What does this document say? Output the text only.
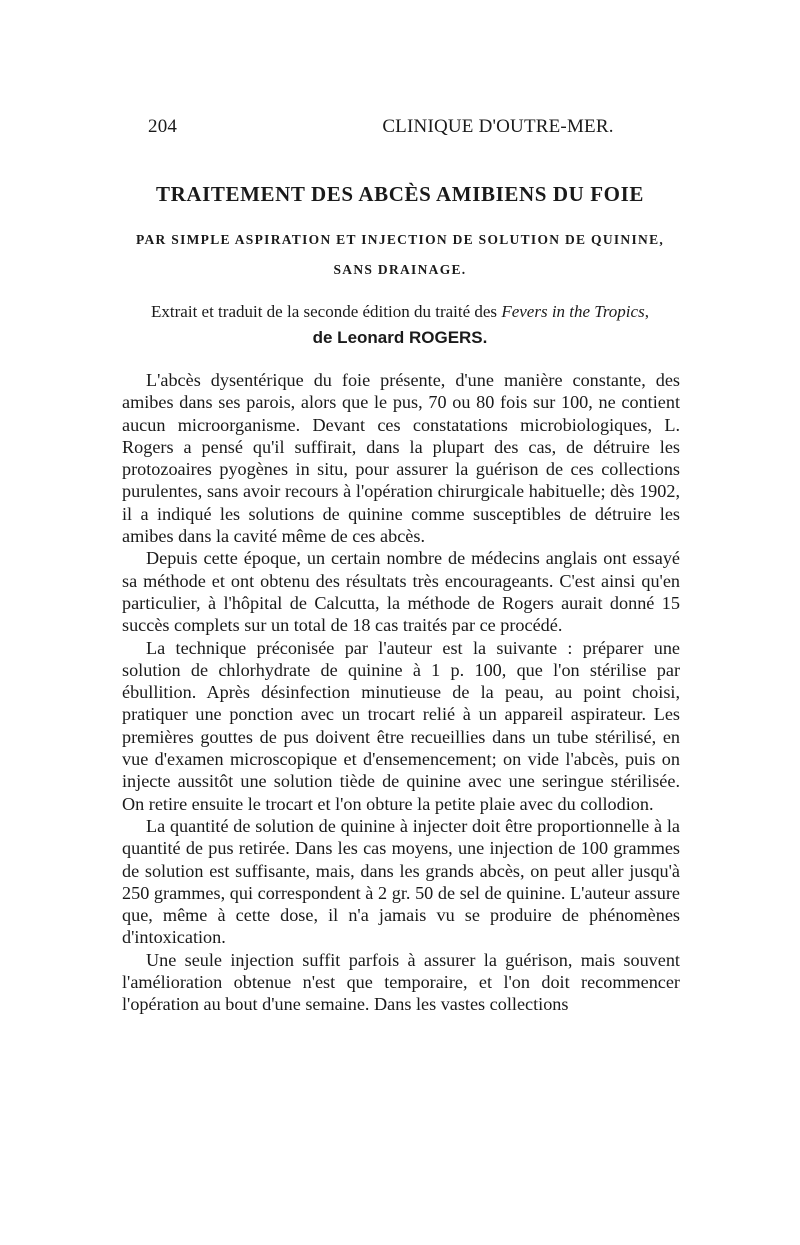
204	CLINIQUE D'OUTRE-MER.
TRAITEMENT DES ABCÈS AMIBIENS DU FOIE
PAR SIMPLE ASPIRATION ET INJECTION DE SOLUTION DE QUININE,
SANS DRAINAGE.
Extrait et traduit de la seconde édition du traité des Fevers in the Tropics,
de Leonard ROGERS.

L'abcès dysentérique du foie présente, d'une manière constante, des amibes dans ses parois, alors que le pus, 70 ou 80 fois sur 100, ne contient aucun microorganisme. Devant ces constatations microbiologiques, L. Rogers a pensé qu'il suffirait, dans la plupart des cas, de détruire les protozoaires pyogènes in situ, pour assurer la guérison de ces collections purulentes, sans avoir recours à l'opération chirurgicale habituelle; dès 1902, il a indiqué les solutions de quinine comme susceptibles de détruire les amibes dans la cavité même de ces abcès.

Depuis cette époque, un certain nombre de médecins anglais ont essayé sa méthode et ont obtenu des résultats très encourageants. C'est ainsi qu'en particulier, à l'hôpital de Calcutta, la méthode de Rogers aurait donné 15 succès complets sur un total de 18 cas traités par ce procédé.

La technique préconisée par l'auteur est la suivante : préparer une solution de chlorhydrate de quinine à 1 p. 100, que l'on stérilise par ébullition. Après désinfection minutieuse de la peau, au point choisi, pratiquer une ponction avec un trocart relié à un appareil aspirateur. Les premières gouttes de pus doivent être recueillies dans un tube stérilisé, en vue d'examen microscopique et d'ensemencement; on vide l'abcès, puis on injecte aussitôt une solution tiède de quinine avec une seringue stérilisée. On retire ensuite le trocart et l'on obture la petite plaie avec du collodion.

La quantité de solution de quinine à injecter doit être proportionnelle à la quantité de pus retirée. Dans les cas moyens, une injection de 100 grammes de solution est suffisante, mais, dans les grands abcès, on peut aller jusqu'à 250 grammes, qui correspondent à 2 gr. 50 de sel de quinine. L'auteur assure que, même à cette dose, il n'a jamais vu se produire de phénomènes d'intoxication.

Une seule injection suffit parfois à assurer la guérison, mais souvent l'amélioration obtenue n'est que temporaire, et l'on doit recommencer l'opération au bout d'une semaine. Dans les vastes collections
